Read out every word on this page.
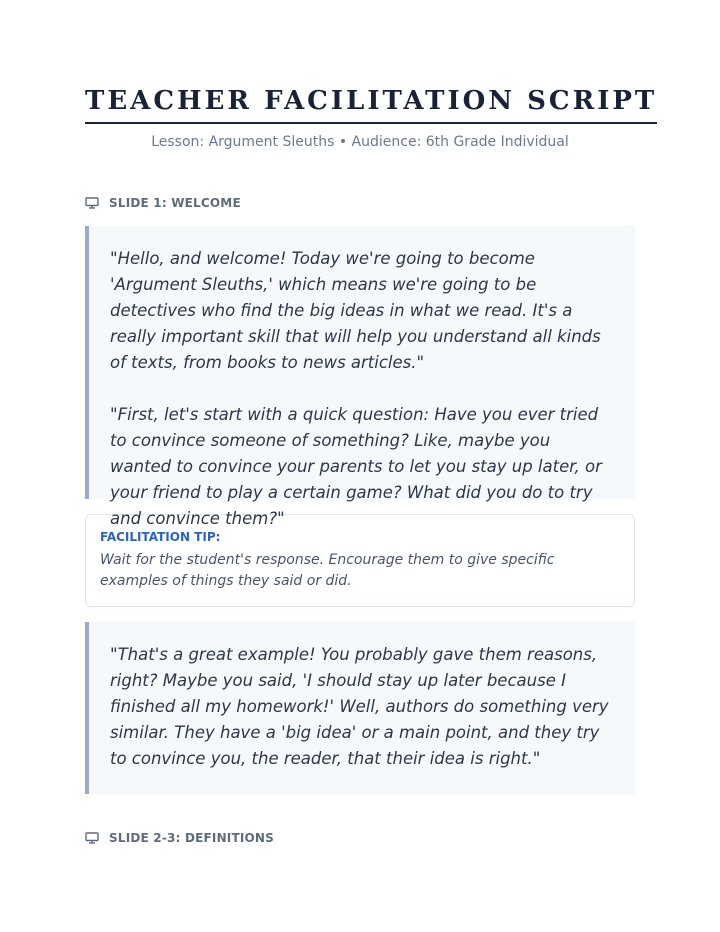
TEACHER FACILITATION SCRIPT
Lesson: Argument Sleuths • Audience: 6th Grade Individual
SLIDE 1: WELCOME

"Hello, and welcome! Today we're going to become 'Argument Sleuths,' which means we're going to be detectives who find the big ideas in what we read. It's a really important skill that will help you understand all kinds of texts, from books to news articles."

"First, let's start with a quick question: Have you ever tried to convince someone of something? Like, maybe you wanted to convince your parents to let you stay up later, or your friend to play a certain game? What did you do to try and convince them?"

FACILITATION TIP:
Wait for the student's response. Encourage them to give specific examples of things they said or did.

"That's a great example! You probably gave them reasons, right? Maybe you said, 'I should stay up later because I finished all my homework!' Well, authors do something very similar. They have a 'big idea' or a main point, and they try to convince you, the reader, that their idea is right."

SLIDE 2-3: DEFINITIONS
